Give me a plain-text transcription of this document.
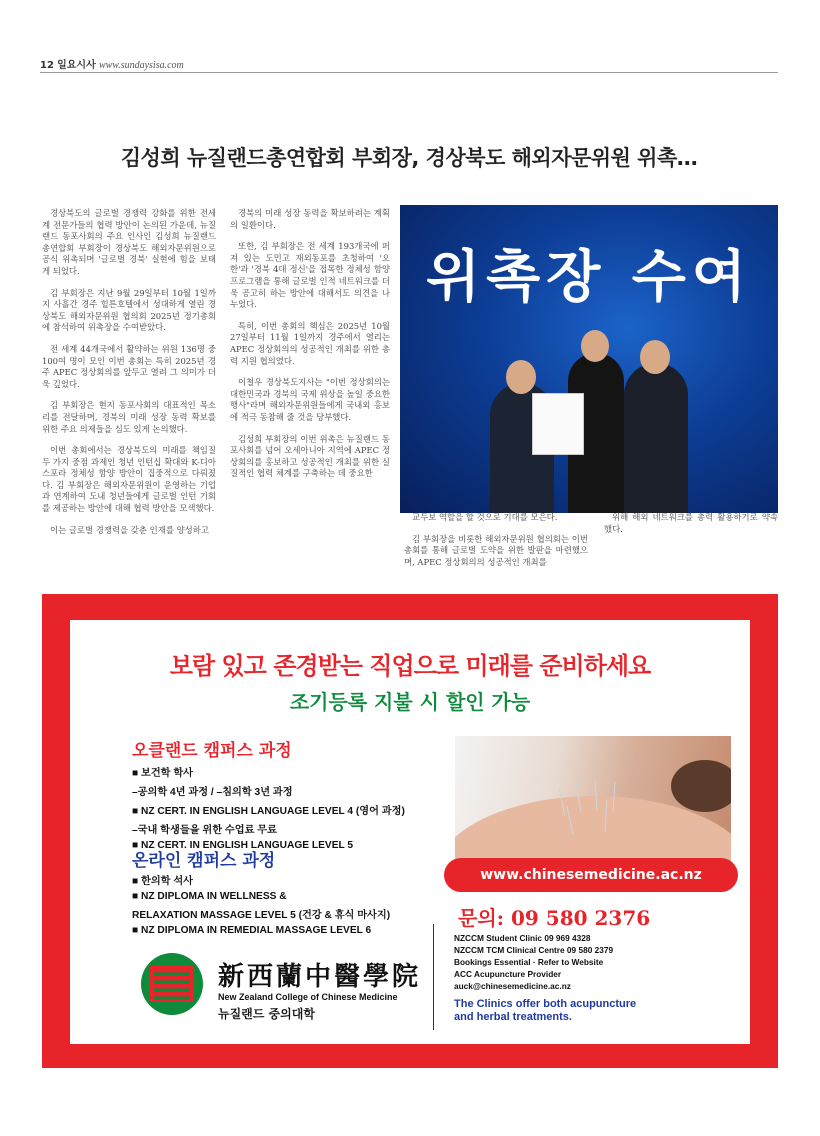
12 일요시사 www.sundaysisa.com
김성희 뉴질랜드총연합회 부회장, 경상북도 해외자문위원 위촉…

경상북도의 글로벌 경쟁력 강화를 위한 전세계 전문가들의 협력 방안이 논의된 가운데, 뉴질랜드 동포사회의 주요 인사인 김성희 뉴질랜드총연합회 부회장이 경상북도 해외자문위원으로 공식 위촉되며 '글로벌 경북' 실현에 힘을 보태게 되었다.

김 부회장은 지난 9월 29일부터 10월 1일까지 사흘간 경주 힐튼호텔에서 성대하게 열린 경상북도 해외자문위원 협의회 2025년 정기총회에 참석하여 위촉장을 수여받았다.

전 세계 44개국에서 활약하는 위원 136명 중 100여 명이 모인 이번 총회는 특히 2025년 경주 APEC 정상회의를 앞두고 열려 그 의미가 더욱 깊었다.

김 부회장은 현지 동포사회의 대표적인 목소리를 전달하며, 경북의 미래 성장 동력 확보를 위한 주요 의제들을 심도 있게 논의했다.

이번 총회에서는 경상북도의 미래를 책임질 두 가지 중점 과제인 청년 인턴십 확대와 K-디아스포라 정체성 함양 방안이 집중적으로 다뤄졌다. 김 부회장은 해외자문위원이 운영하는 기업과 연계하여 도내 청년들에게 글로벌 인턴 기회를 제공하는 방안에 대해 협력 방안을 모색했다.

이는 글로벌 경쟁력을 갖춘 인재를 양성하고

경북의 미래 성장 동력을 확보하려는 계획의 일환이다.

또한, 김 부회장은 전 세계 193개국에 퍼져 있는 도민고 재외동포를 초청하여 '오한'과 '경북 4대 정신'을 접목한 정체성 함양 프로그램을 통해 글로벌 인적 네트워크를 더욱 공고히 하는 방안에 대해서도 의견을 나누었다.

특히, 이번 총회의 핵심은 2025년 10월 27일부터 11월 1일까지 경주에서 열리는 APEC 정상회의의 성공적인 개최를 위한 총력 지원 협의였다.

이철우 경상북도지사는 "이번 정상회의는 대한민국과 경북의 국제 위상을 높일 중요한 행사"라며 해외자문위원들에게 국내외 홍보에 적극 동참해 줄 것을 당부했다.

김성희 부회장의 이번 위촉은 뉴질랜드 동포사회를 넘어 오세아니아 지역에 APEC 정상회의를 홍보하고 성공적인 개최를 위한 실질적인 협력 체계를 구축하는 데 중요한

위촉장 수여

교두보 역할을 할 것으로 기대를 모은다.

김 부회장을 비롯한 해외자문위원 협의회는 이번 총회를 통해 글로벌 도약을 위한 발판을 마련했으며, APEC 정상회의의 성공적인 개최를

위해 해외 네트워크를 총력 활용하기로 약속했다.

보람 있고 존경받는 직업으로 미래를 준비하세요
조기등록 지불 시 할인 가능
오클랜드 캠퍼스 과정
■ 보건학 학사
–공의학 4년 과정 / –침의학 3년 과정
■ NZ CERT. IN ENGLISH LANGUAGE LEVEL 4 (영어 과정)
–국내 학생들을 위한 수업료 무료
■ NZ CERT. IN ENGLISH LANGUAGE LEVEL 5
온라인 캠퍼스 과정
■ 한의학 석사
■ NZ DIPLOMA IN WELLNESS &
RELAXATION MASSAGE LEVEL 5 (건강 & 휴식 마사지)
■ NZ DIPLOMA IN REMEDIAL MASSAGE LEVEL 6
www.chinesemedicine.ac.nz
문의: 09 580 2376
NZCCM Student Clinic 09 969 4328
NZCCM TCM Clinical Centre 09 580 2379
Bookings Essential · Refer to Website
ACC Acupuncture Provider
auck@chinesemedicine.ac.nz
The Clinics offer both acupuncture
and herbal treatments.
新西蘭中醫學院
New Zealand College of Chinese Medicine
뉴질랜드 중의대학
